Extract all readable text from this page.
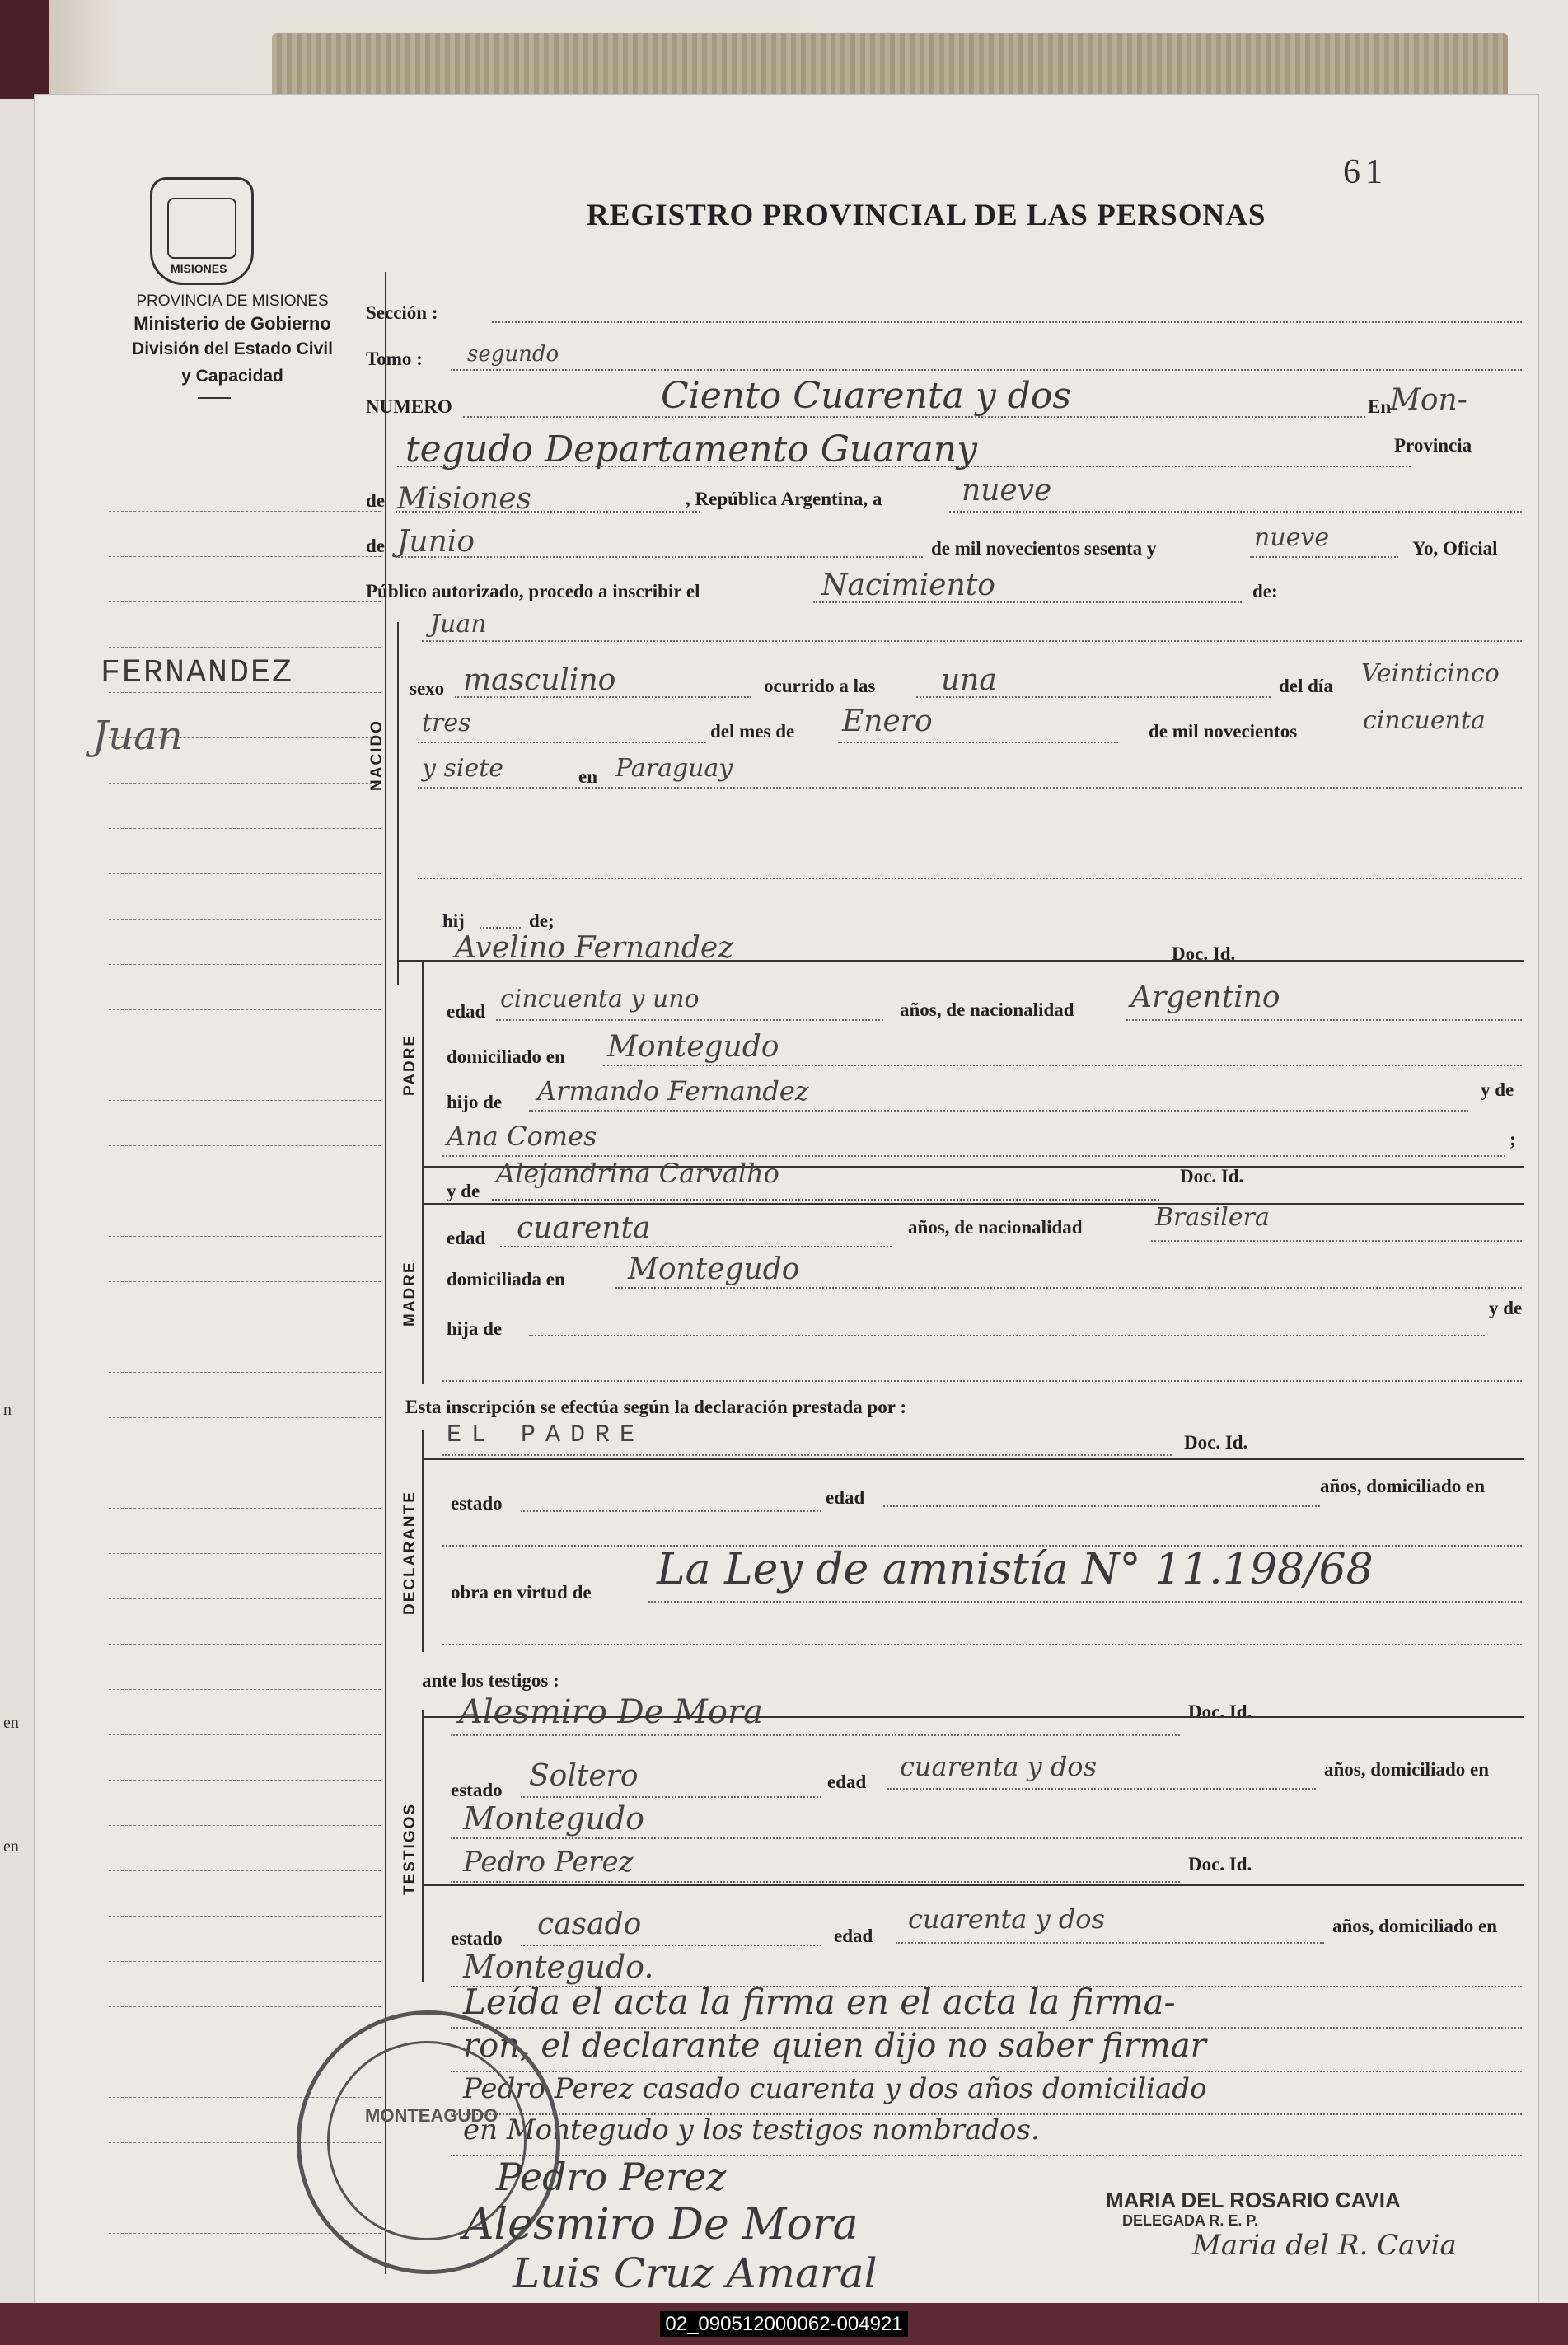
n
en
en
61
REGISTRO PROVINCIAL DE LAS PERSONAS
MISIONES
PROVINCIA DE MISIONES
Ministerio de Gobierno
División del Estado Civil
y Capacidad
FERNANDEZ
Juan
Sección :
Tomo : segundo
NUMERO	Ciento Cuarenta y dos	En
Mon-
tegudo Departamento Guarany	Provincia
de Misiones	, República Argentina, a	nueve
de Junio	de mil novecientos sesenta y	nueve	Yo, Oficial
Público autorizado, procedo a inscribir el	Nacimiento	de:
NACIDO
Juan
sexo masculino	ocurrido a las una	del día Veinticinco
tres	del mes de Enero	de mil novecientos	cincuenta
y siete	en Paraguay
hij	de;
PADRE
Avelino Fernandez	Doc. Id.
edad cincuenta y uno	años, de nacionalidad Argentino
domiciliado en Montegudo
hijo de Armando Fernandez	y de
Ana Comes	;
MADRE
y de
Alejandrina Carvalho	Doc. Id.
edad cuarenta	años, de nacionalidad	Brasilera
domiciliada en Montegudo
hija de
y de
Esta inscripción se efectúa según la declaración prestada por :
DECLARANTE
EL PADRE	Doc. Id.
estado	edad
años, domiciliado en
obra en virtud de La Ley de amnistía N° 11.198/68
ante los testigos :
TESTIGOS
Alesmiro De Mora	Doc. Id.
estado Soltero	edad cuarenta y dos	años, domiciliado en
Montegudo
Pedro Perez	Doc. Id.
estado casado	edad
cuarenta y dos	años, domiciliado en
Montegudo.
Leída el acta la firma en el acta la firma-
ron, el declarante quien dijo no saber firmar
Pedro Perez casado cuarenta y dos años domiciliado
en Montegudo y los testigos nombrados.
MONTEAGUDO
Pedro Perez
Alesmiro De Mora	MARIA DEL ROSARIO CAVIA
DELEGADA R. E. P.
Luis Cruz Amaral
Maria del R. Cavia
02_090512000062-004921
